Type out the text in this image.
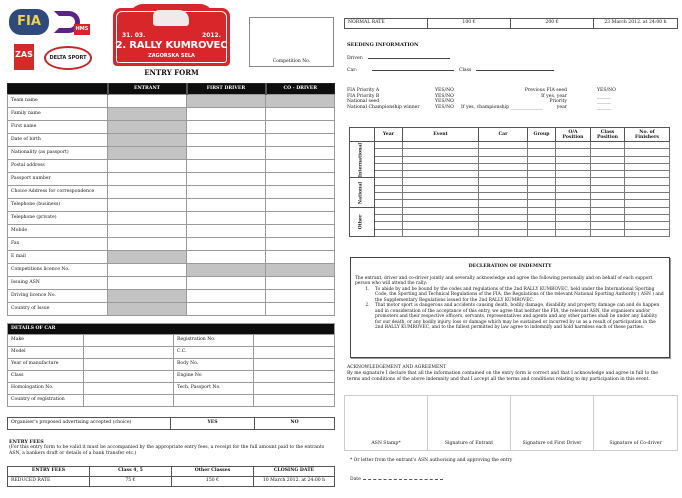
FIA	HMS
ZAS	DELTA SPORT
31. 03.	2012.
2. RALLY KUMROVEC
ZAGORSKA SELA
ENTRY FORM
Competition No.
	ENTRANT	FIRST DRIVER	CO - DRIVER
Team name			
Family name			
First name			
Date of birth			
Nationality (as passport)			
Postal address			
Passport number			
Choice Address for correspondence			
Telephone (business)			
Telephone (private)			
Mobile			
Fax			
E mail			
Competitions licence No.			
Issuing ASN			
Driving licence No.			
Country of Issue			
DETAILS OF CAR			
Make		Registration No.	
Model		C.C.	
Year of manufacture		Body No.	
Class		Engine No	
Homologation No.		Tech. Passport No.	
Country of registration			
Organiser's proposed advertising accepted (choice)	YES	NO
ENTRY FEES
(For this entry form to be valid it must be accompanied by the appropriate entry fees, a receipt for the full amount paid to the entrants ASN, a bankers draft or details of a bank transfer etc.)
ENTRY FEES	Class 4, 5	Other Classes	CLOSING DATE
REDUCED RATE	75 €	150 €	10 March 2012. at 24:00 h
NORMAL RATE	100 €	200 €	23 March 2012. at 24:00 h
SEEDING INFORMATION
Driver:
Car:	Class
FIA Priority A	YES/NO	Previous FIA seed	YES/NO
FIA Priority B	YES/NO	If yes, year	______
National seed	YES/NO	Priority	______
National Championship winner	YES/NO If yes, championship ______________	year	______
	Year	Event	Car	Group	O/A Position	Class Position	No. of Finishers

International							

National							

Other							

DECLERATION OF INDEMNITY

The entrant, driver and co-driver jointly and severally acknowledge and agree the following personally and on behalf of each support person who will attend the rally:

1. To abide by and be bound by the codes and regulations of the 2nd RALLY KUMROVEC, held under the International Sporting Code, the Sporting and Technical Regulations of the FIA, the Regulations of the relevant National Sporting Authority ( ASN ) and the Supplementary Regulations issued for the 2nd RALLY KUMROVEC.
2. That motor sport is dangerous and accidents causing death, bodily damage, disability and property damage can and do happen and in consideration of the acceptance of this entry, we agree that neither the FIA, the relevant ASN, the organisers and/or promoters and their respective officers, servants, representatives and agents and any other parties shall be under any liability for our death, or any bodily injury, loss or damage which may be sustained or incurred by us as a result of participation in the 2nd RALLY KUMROVEC, and to the fullest permitted by law agree to indemnify and hold harmless each of these parties.
ACKNOWLEDGEMENT AND AGREEMENT
By me signature I declare that all the information contained on the entry form is correct and that I acknowledge and agree in full to the terms and conditions of the above indemnity and that I accept all the terms and conditions relating to my participation in this event.
ASN Stamp*	Signature of Entrant	Signature od First Driver	Signature of Co-driver
* Or letter from the entrant's ASN authorising and approving the entry
Date
